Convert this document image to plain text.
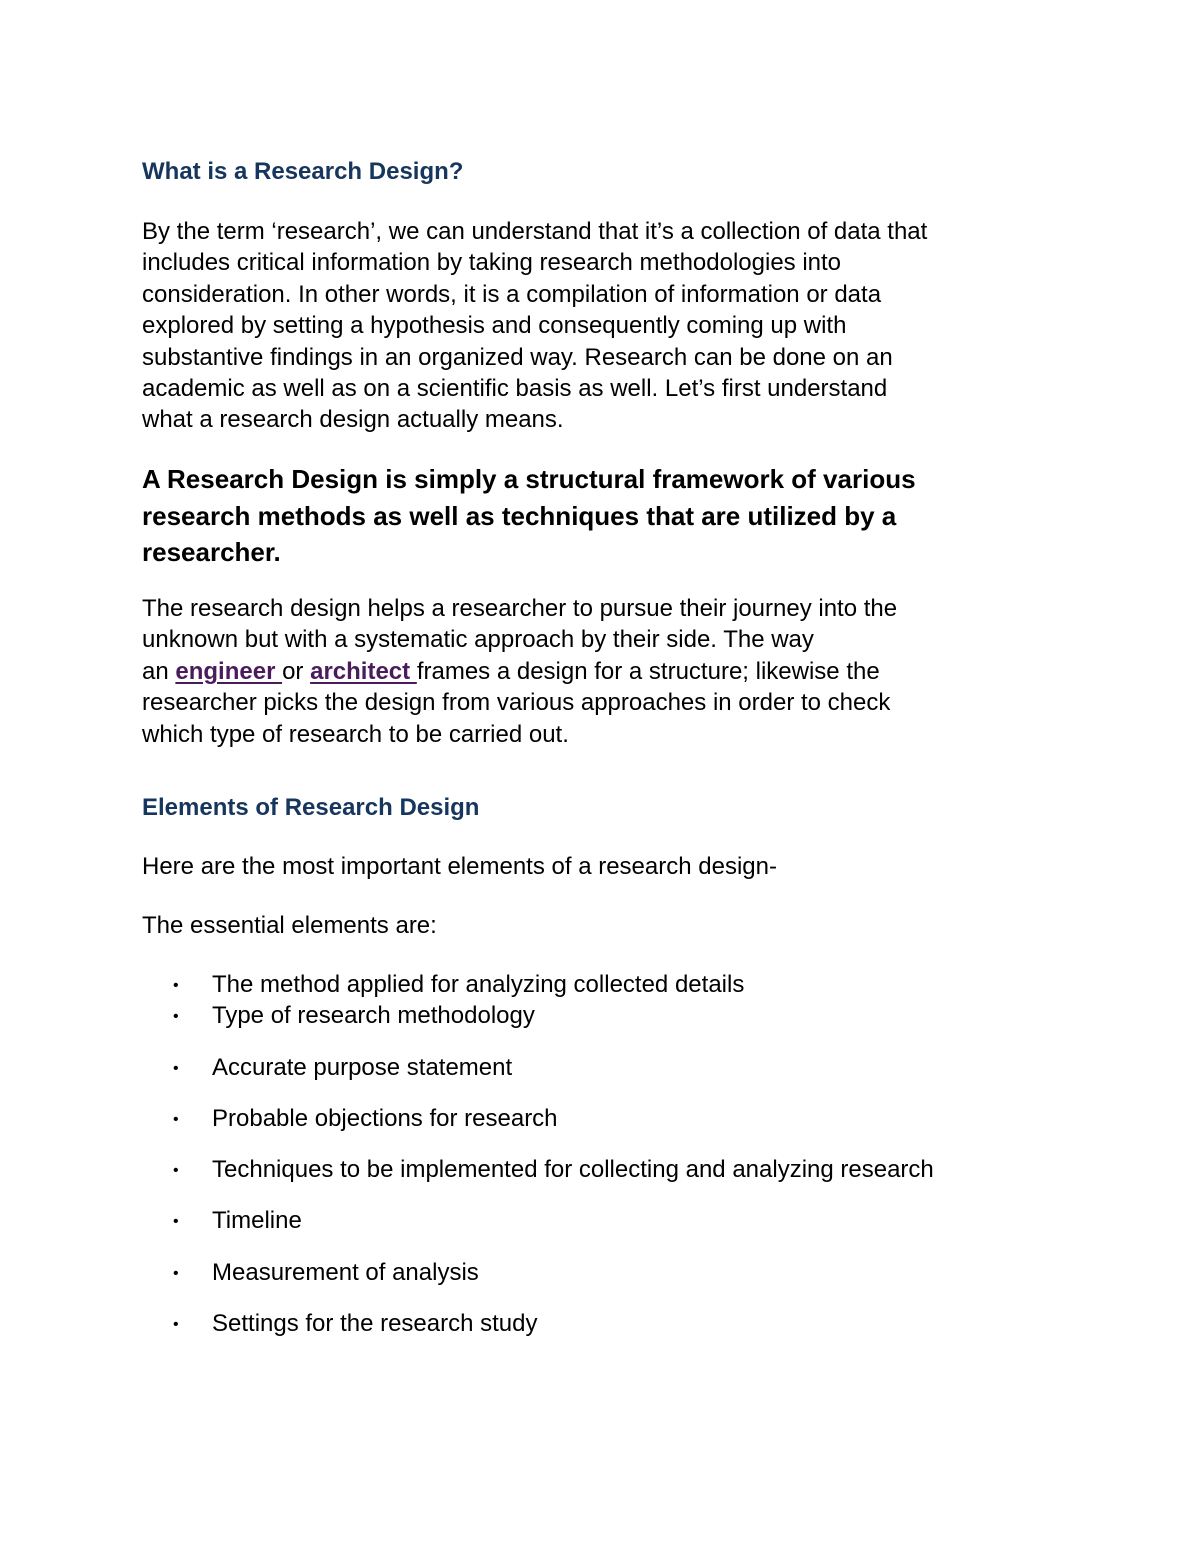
What is a Research Design?

By the term ‘research’, we can understand that it’s a collection of data that
includes critical information by taking research methodologies into
consideration. In other words, it is a compilation of information or data
explored by setting a hypothesis and consequently coming up with
substantive findings in an organized way. Research can be done on an
academic as well as on a scientific basis as well. Let’s first understand
what a research design actually means.

A Research Design is simply a structural framework of various
research methods as well as techniques that are utilized by a
researcher.

The research design helps a researcher to pursue their journey into the
unknown but with a systematic approach by their side. The way
an engineer or architect frames a design for a structure; likewise the
researcher picks the design from various approaches in order to check
which type of research to be carried out.

Elements of Research Design

Here are the most important elements of a research design-

The essential elements are:

• The method applied for analyzing collected details
• Type of research methodology
• Accurate purpose statement
• Probable objections for research
• Techniques to be implemented for collecting and analyzing research
• Timeline
• Measurement of analysis
• Settings for the research study
